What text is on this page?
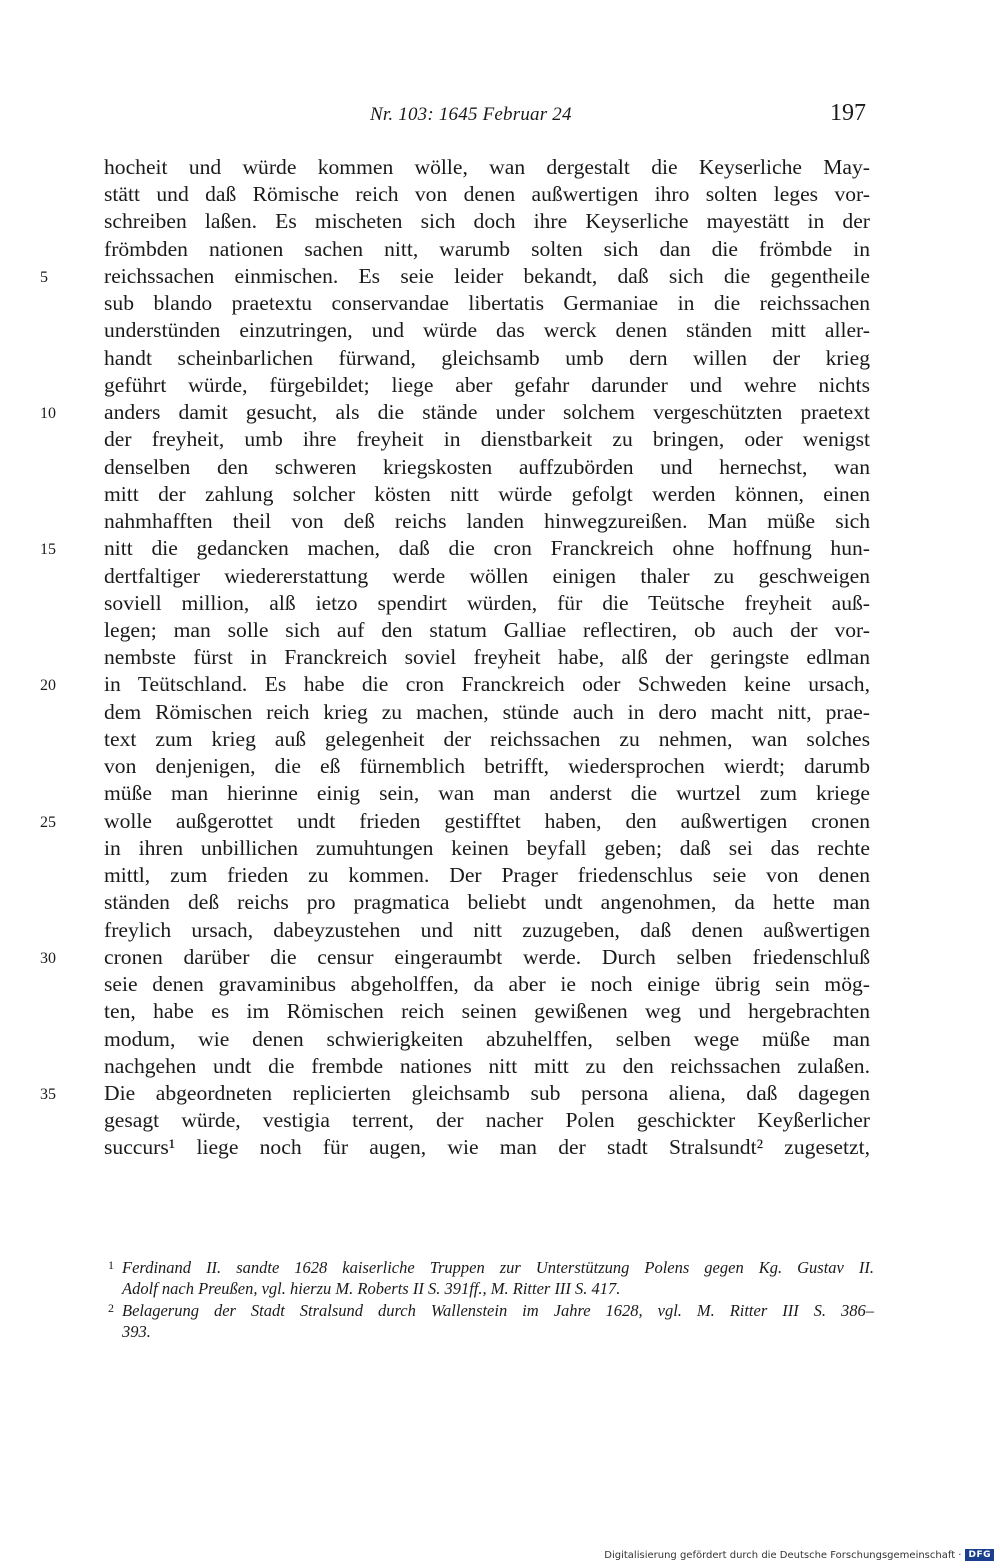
Nr. 103: 1645 Februar 24	197
hocheit und würde kommen wölle, wan dergestalt die Keyserliche May-
stätt und daß Römische reich von denen außwertigen ihro solten leges vor-
schreiben laßen. Es mischeten sich doch ihre Keyserliche mayestätt in der
frömbden nationen sachen nitt, warumb solten sich dan die frömbde in
5	reichssachen einmischen. Es seie leider bekandt, daß sich die gegentheile
sub blando praetextu conservandae libertatis Germaniae in die reichssachen
understünden einzutringen, und würde das werck denen ständen mitt aller-
handt scheinbarlichen fürwand, gleichsamb umb dern willen der krieg
geführt würde, fürgebildet; liege aber gefahr darunder und wehre nichts
10	anders damit gesucht, als die stände under solchem vergeschützten praetext
der freyheit, umb ihre freyheit in dienstbarkeit zu bringen, oder wenigst
denselben den schweren kriegskosten auffzubörden und hernechst, wan
mitt der zahlung solcher kösten nitt würde gefolgt werden können, einen
nahmhafften theil von deß reichs landen hinwegzureißen. Man müße sich
15	nitt die gedancken machen, daß die cron Franckreich ohne hoffnung hun-
dertfaltiger wiedererstattung werde wöllen einigen thaler zu geschweigen
soviell million, alß ietzo spendirt würden, für die Teütsche freyheit auß-
legen; man solle sich auf den statum Galliae reflectiren, ob auch der vor-
nembste fürst in Franckreich soviel freyheit habe, alß der geringste edlman
20	in Teütschland. Es habe die cron Franckreich oder Schweden keine ursach,
dem Römischen reich krieg zu machen, stünde auch in dero macht nitt, prae-
text zum krieg auß gelegenheit der reichssachen zu nehmen, wan solches
von denjenigen, die eß fürnemblich betrifft, wiedersprochen wierdt; darumb
müße man hierinne einig sein, wan man anderst die wurtzel zum kriege
25	wolle außgerottet undt frieden gestifftet haben, den außwertigen cronen
in ihren unbillichen zumuhtungen keinen beyfall geben; daß sei das rechte
mittl, zum frieden zu kommen. Der Prager friedenschlus seie von denen
ständen deß reichs pro pragmatica beliebt undt angenohmen, da hette man
freylich ursach, dabeyzustehen und nitt zuzugeben, daß denen außwertigen
30	cronen darüber die censur eingeraumbt werde. Durch selben friedenschluß
seie denen gravaminibus abgeholffen, da aber ie noch einige übrig sein mög-
ten, habe es im Römischen reich seinen gewißenen weg und hergebrachten
modum, wie denen schwierigkeiten abzuhelffen, selben wege müße man
nachgehen undt die frembde nationes nitt mitt zu den reichssachen zulaßen.
35	Die abgeordneten replicierten gleichsamb sub persona aliena, daß dagegen
gesagt würde, vestigia terrent, der nacher Polen geschickter Keyßerlicher
succurs¹ liege noch für augen, wie man der stadt Stralsundt² zugesetzt,
1 Ferdinand II. sandte 1628 kaiserliche Truppen zur Unterstützung Polens gegen Kg. Gustav II.
Adolf nach Preußen, vgl. hierzu M. Roberts II S. 391ff., M. Ritter III S. 417.
2 Belagerung der Stadt Stralsund durch Wallenstein im Jahre 1628, vgl. M. Ritter III S. 386–
393.
Digitalisierung gefördert durch die Deutsche Forschungsgemeinschaft · DFG
